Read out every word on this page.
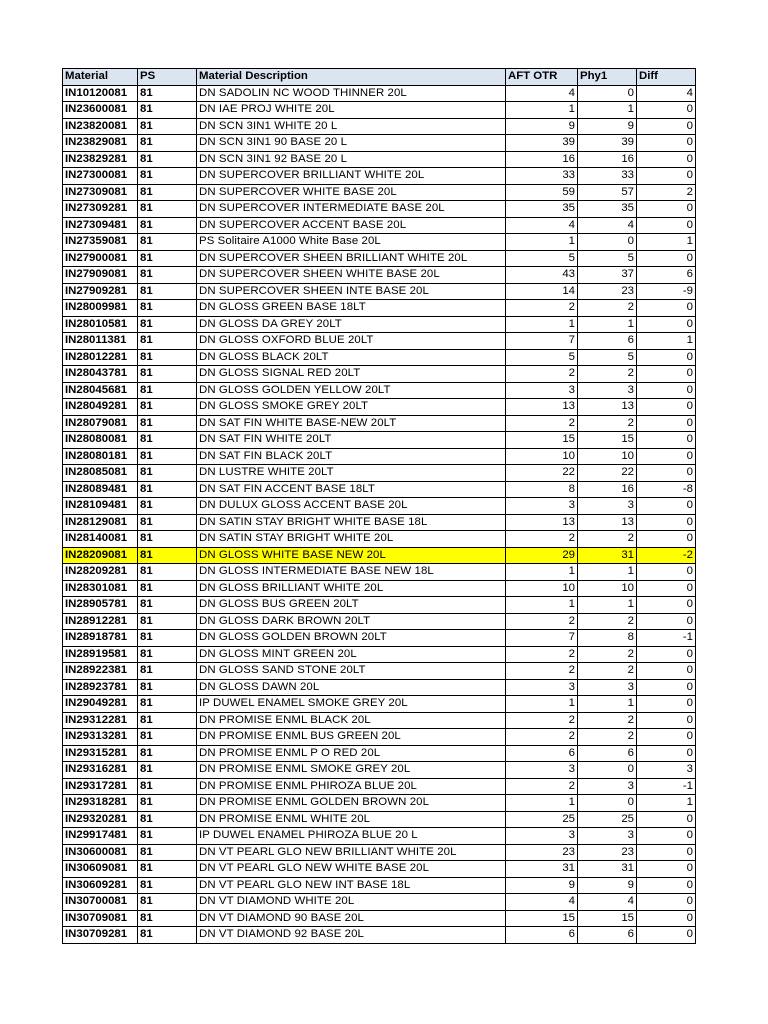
Material	PS	Material Description	AFT OTR	Phy1	Diff
IN10120081	81	DN SADOLIN NC WOOD THINNER 20L	4	0	4
IN23600081	81	DN IAE PROJ WHITE 20L	1	1	0
IN23820081	81	DN SCN 3IN1 WHITE 20 L	9	9	0
IN23829081	81	DN SCN 3IN1 90 BASE 20 L	39	39	0
IN23829281	81	DN SCN 3IN1 92 BASE 20 L	16	16	0
IN27300081	81	DN SUPERCOVER BRILLIANT WHITE 20L	33	33	0
IN27309081	81	DN SUPERCOVER WHITE BASE 20L	59	57	2
IN27309281	81	DN SUPERCOVER INTERMEDIATE BASE 20L	35	35	0
IN27309481	81	DN SUPERCOVER ACCENT BASE 20L	4	4	0
IN27359081	81	PS Solitaire A1000 White Base 20L	1	0	1
IN27900081	81	DN SUPERCOVER SHEEN BRILLIANT WHITE 20L	5	5	0
IN27909081	81	DN SUPERCOVER SHEEN WHITE BASE 20L	43	37	6
IN27909281	81	DN SUPERCOVER SHEEN INTE BASE 20L	14	23	-9
IN28009981	81	DN GLOSS GREEN BASE 18LT	2	2	0
IN28010581	81	DN GLOSS DA GREY 20LT	1	1	0
IN28011381	81	DN GLOSS OXFORD BLUE 20LT	7	6	1
IN28012281	81	DN GLOSS BLACK 20LT	5	5	0
IN28043781	81	DN GLOSS SIGNAL RED 20LT	2	2	0
IN28045681	81	DN GLOSS GOLDEN YELLOW 20LT	3	3	0
IN28049281	81	DN GLOSS SMOKE GREY 20LT	13	13	0
IN28079081	81	DN SAT FIN WHITE BASE-NEW 20LT	2	2	0
IN28080081	81	DN SAT FIN WHITE 20LT	15	15	0
IN28080181	81	DN SAT FIN BLACK 20LT	10	10	0
IN28085081	81	DN LUSTRE WHITE 20LT	22	22	0
IN28089481	81	DN SAT FIN ACCENT BASE 18LT	8	16	-8
IN28109481	81	DN DULUX GLOSS ACCENT BASE 20L	3	3	0
IN28129081	81	DN SATIN STAY BRIGHT WHITE BASE 18L	13	13	0
IN28140081	81	DN SATIN STAY BRIGHT WHITE 20L	2	2	0
IN28209081	81	DN GLOSS WHITE BASE NEW 20L	29	31	-2
IN28209281	81	DN GLOSS INTERMEDIATE BASE NEW 18L	1	1	0
IN28301081	81	DN GLOSS BRILLIANT WHITE 20L	10	10	0
IN28905781	81	DN GLOSS BUS GREEN 20LT	1	1	0
IN28912281	81	DN GLOSS DARK BROWN 20LT	2	2	0
IN28918781	81	DN GLOSS GOLDEN BROWN 20LT	7	8	-1
IN28919581	81	DN GLOSS MINT GREEN 20L	2	2	0
IN28922381	81	DN GLOSS SAND STONE 20LT	2	2	0
IN28923781	81	DN GLOSS DAWN 20L	3	3	0
IN29049281	81	IP DUWEL ENAMEL SMOKE GREY 20L	1	1	0
IN29312281	81	DN PROMISE ENML BLACK 20L	2	2	0
IN29313281	81	DN PROMISE ENML BUS GREEN 20L	2	2	0
IN29315281	81	DN PROMISE ENML P O RED 20L	6	6	0
IN29316281	81	DN PROMISE ENML SMOKE GREY 20L	3	0	3
IN29317281	81	DN PROMISE ENML PHIROZA BLUE 20L	2	3	-1
IN29318281	81	DN PROMISE ENML GOLDEN BROWN 20L	1	0	1
IN29320281	81	DN PROMISE ENML WHITE 20L	25	25	0
IN29917481	81	IP DUWEL ENAMEL PHIROZA BLUE 20 L	3	3	0
IN30600081	81	DN VT PEARL GLO NEW BRILLIANT WHITE 20L	23	23	0
IN30609081	81	DN VT PEARL GLO NEW WHITE BASE 20L	31	31	0
IN30609281	81	DN VT PEARL GLO NEW INT BASE 18L	9	9	0
IN30700081	81	DN VT DIAMOND WHITE 20L	4	4	0
IN30709081	81	DN VT DIAMOND 90 BASE 20L	15	15	0
IN30709281	81	DN VT DIAMOND 92 BASE 20L	6	6	0
